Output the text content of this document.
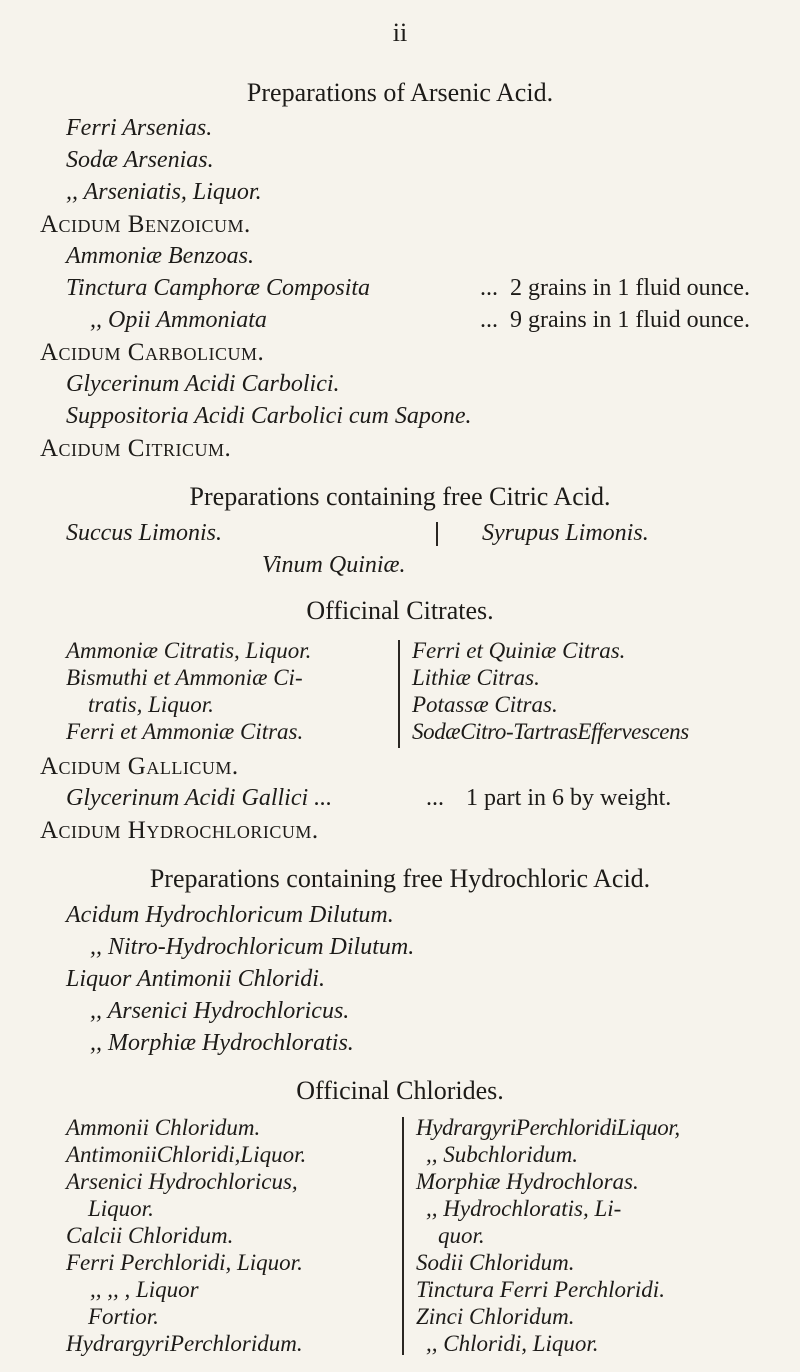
ii
Preparations of Arsenic Acid.
Ferri Arsenias.
Sodæ Arsenias.
,, Arseniatis, Liquor.
Acidum Benzoicum.
Ammoniæ Benzoas.
Tinctura Camphoræ Composita	... 2 grains in 1 fluid ounce.
,, Opii Ammoniata	... 9 grains in 1 fluid ounce.
Acidum Carbolicum.
Glycerinum Acidi Carbolici.
Suppositoria Acidi Carbolici cum Sapone.
Acidum Citricum.
Preparations containing free Citric Acid.
Succus Limonis.	Syrupus Limonis.
Vinum Quiniæ.
Officinal Citrates.
Ammoniæ Citratis, Liquor.
Bismuthi et Ammoniæ Ci-
tratis, Liquor.
Ferri et Ammoniæ Citras.
Ferri et Quiniæ Citras.
Lithiæ Citras.
Potassæ Citras.
SodæCitro-TartrasEffervescens
Acidum Gallicum.
Glycerinum Acidi Gallici ...	... 1 part in 6 by weight.
Acidum Hydrochloricum.
Preparations containing free Hydrochloric Acid.
Acidum Hydrochloricum Dilutum.
,, Nitro-Hydrochloricum Dilutum.
Liquor Antimonii Chloridi.
,, Arsenici Hydrochloricus.
,, Morphiæ Hydrochloratis.
Officinal Chlorides.
Ammonii Chloridum.
AntimoniiChloridi,Liquor.
Arsenici Hydrochloricus,
Liquor.
Calcii Chloridum.
Ferri Perchloridi, Liquor.
,, ,, , Liquor
Fortior.
HydrargyriPerchloridum.
HydrargyriPerchloridiLiquor,
,, Subchloridum.
Morphiæ Hydrochloras.
,, Hydrochloratis, Li-
quor.
Sodii Chloridum.
Tinctura Ferri Perchloridi.
Zinci Chloridum.
,, Chloridi, Liquor.
